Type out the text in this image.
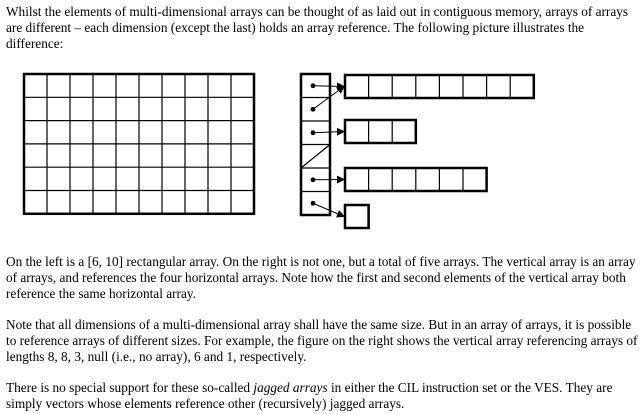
Whilst the elements of multi-dimensional arrays can be thought of as laid out in contiguous memory, arrays of arrays are different – each dimension (except the last) holds an array reference. The following picture illustrates the difference:

On the left is a [6, 10] rectangular array. On the right is not one, but a total of five arrays. The vertical array is an array of arrays, and references the four horizontal arrays. Note how the first and second elements of the vertical array both reference the same horizontal array.

Note that all dimensions of a multi-dimensional array shall have the same size. But in an array of arrays, it is possible to reference arrays of different sizes. For example, the figure on the right shows the vertical array referencing arrays of lengths 8, 8, 3, null (i.e., no array), 6 and 1, respectively.

There is no special support for these so-called jagged arrays in either the CIL instruction set or the VES. They are simply vectors whose elements reference other (recursively) jagged arrays.
